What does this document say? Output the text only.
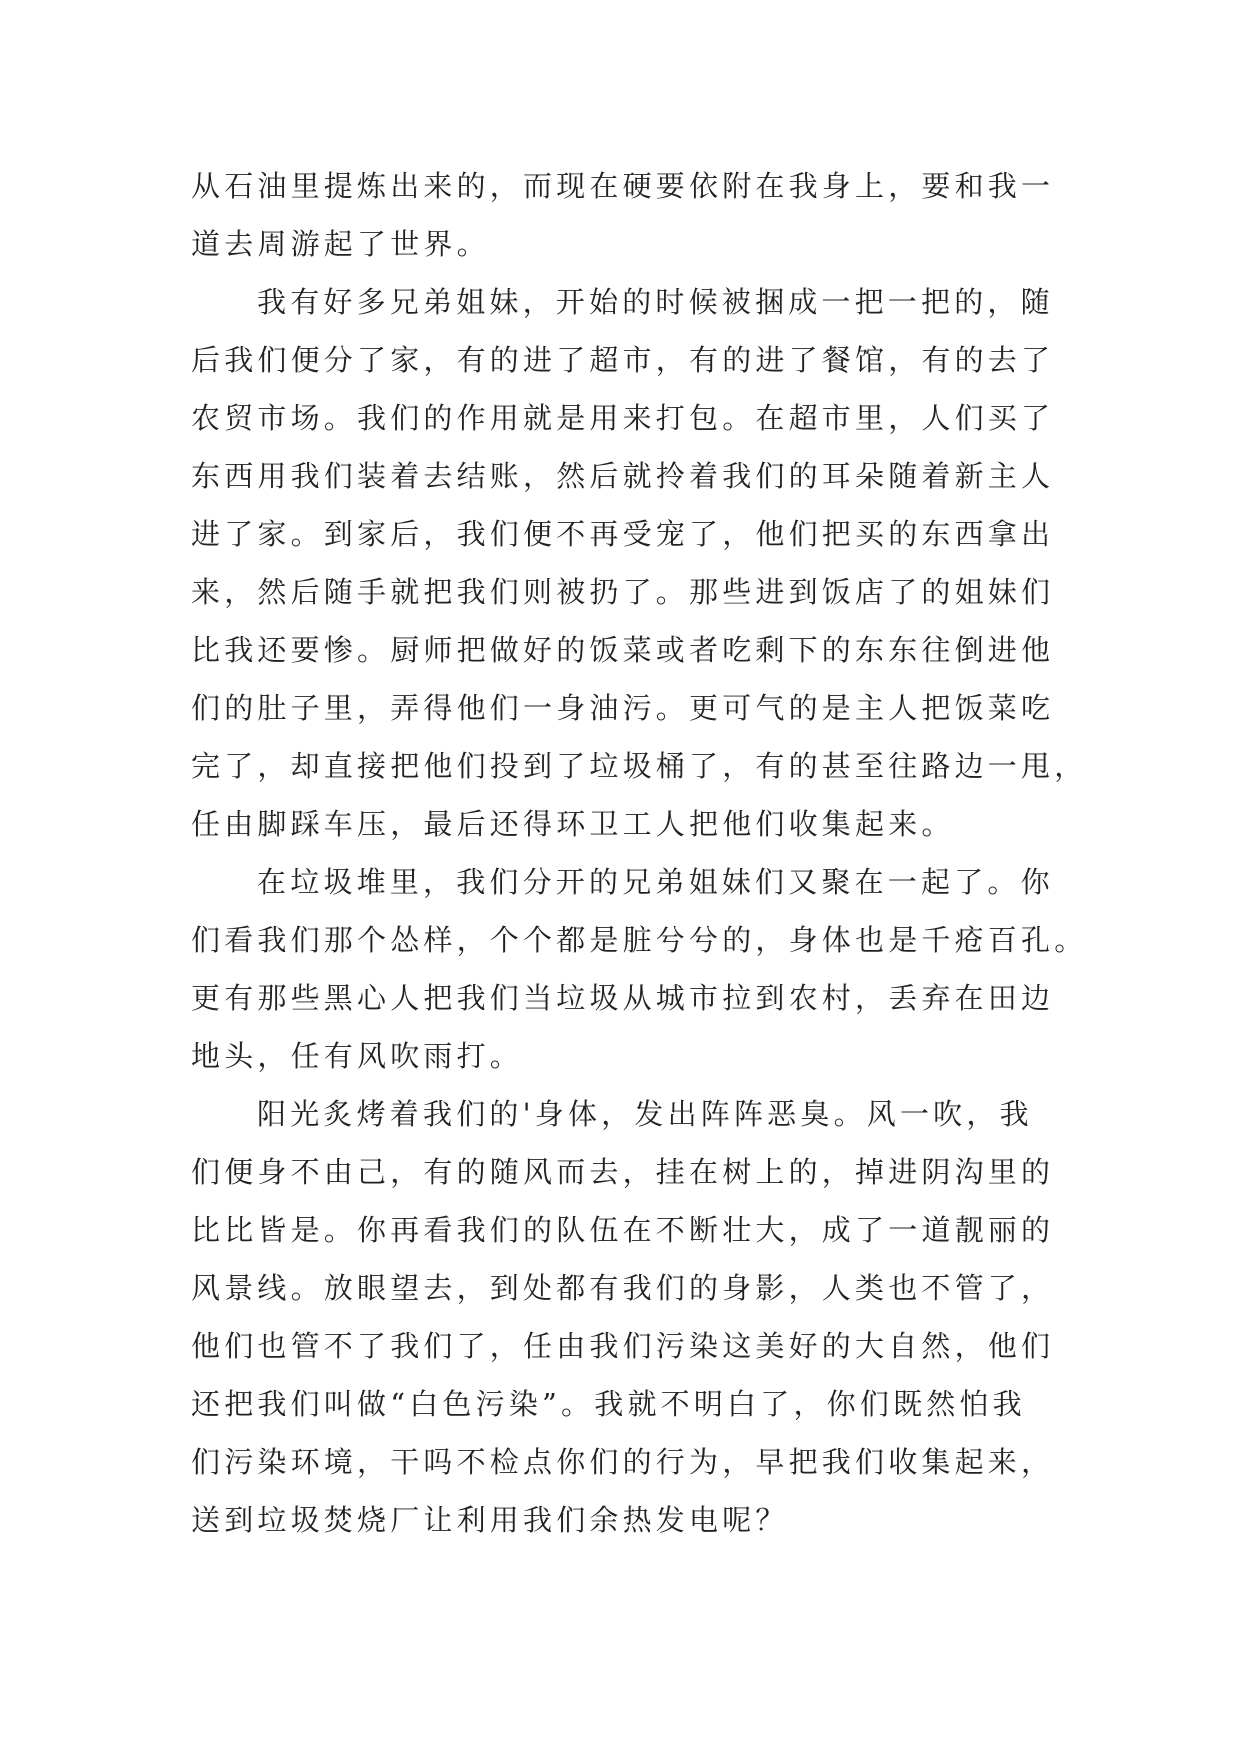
从石油里提炼出来的，而现在硬要依附在我身上，要和我一
道去周游起了世界。
我有好多兄弟姐妹，开始的时候被捆成一把一把的，随
后我们便分了家，有的进了超市，有的进了餐馆，有的去了
农贸市场。我们的作用就是用来打包。在超市里，人们买了
东西用我们装着去结账，然后就拎着我们的耳朵随着新主人
进了家。到家后，我们便不再受宠了，他们把买的东西拿出
来，然后随手就把我们则被扔了。那些进到饭店了的姐妹们
比我还要惨。厨师把做好的饭菜或者吃剩下的东东往倒进他
们的肚子里，弄得他们一身油污。更可气的是主人把饭菜吃
完了，却直接把他们投到了垃圾桶了，有的甚至往路边一甩，
任由脚踩车压，最后还得环卫工人把他们收集起来。
在垃圾堆里，我们分开的兄弟姐妹们又聚在一起了。你
们看我们那个怂样，个个都是脏兮兮的，身体也是千疮百孔。
更有那些黑心人把我们当垃圾从城市拉到农村，丢弃在田边
地头，任有风吹雨打。
阳光炙烤着我们的'身体，发出阵阵恶臭。风一吹，我
们便身不由己，有的随风而去，挂在树上的，掉进阴沟里的
比比皆是。你再看我们的队伍在不断壮大，成了一道靓丽的
风景线。放眼望去，到处都有我们的身影，人类也不管了，
他们也管不了我们了，任由我们污染这美好的大自然，他们
还把我们叫做“白色污染”。我就不明白了，你们既然怕我
们污染环境，干吗不检点你们的行为，早把我们收集起来，
送到垃圾焚烧厂让利用我们余热发电呢？
